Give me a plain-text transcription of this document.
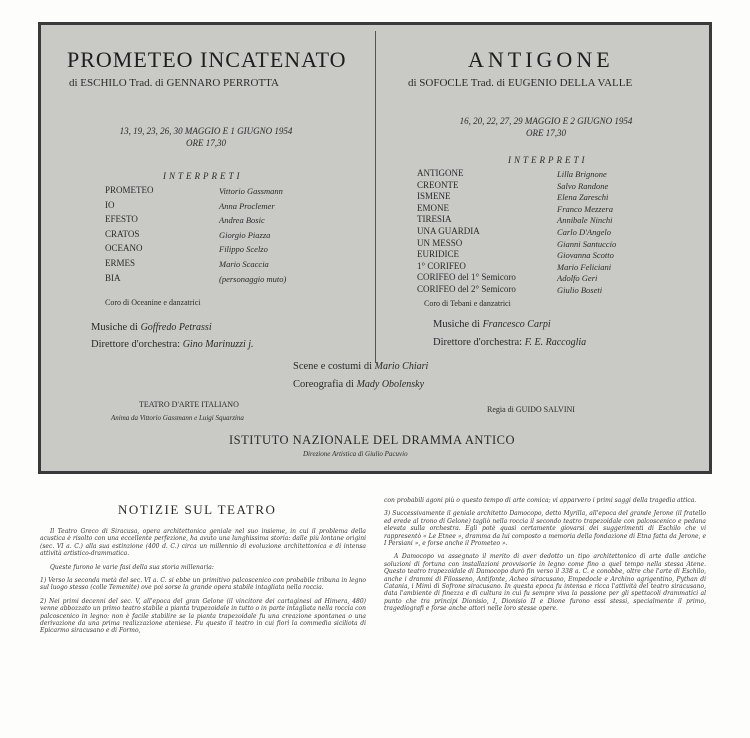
PROMETEO INCATENATO
di ESCHILO Trad. di GENNARO PERROTTA
13, 19, 23, 26, 30 MAGGIO E 1 GIUGNO 1954
ORE 17,30
INTERPRETI
PROMETEO	Vittorio Gassmann
IO	Anna Proclemer
EFESTO	Andrea Bosic
CRATOS	Giorgio Piazza
OCEANO	Filippo Scelzo
ERMES	Mario Scaccia
BIA	(personaggio muto)
Coro di Oceanine e danzatrici
Musiche di Goffredo Petrassi
Direttore d'orchestra: Gino Marinuzzi j.
TEATRO D'ARTE ITALIANO
Anima da Vittorio Gassmann e Luigi Squarzina
ANTIGONE
di SOFOCLE Trad. di EUGENIO DELLA VALLE
16, 20, 22, 27, 29 MAGGIO E 2 GIUGNO 1954
ORE 17,30
INTERPRETI
ANTIGONE	Lilla Brignone
CREONTE	Salvo Randone
ISMENE	Elena Zareschi
EMONE	Franco Mezzera
TIRESIA	Annibale Ninchi
UNA GUARDIA	Carlo D'Angelo
UN MESSO	Gianni Santuccio
EURIDICE	Giovanna Scotto
1° CORIFEO	Mario Feliciani
CORIFEO del 1° Semicoro	Adolfo Geri
CORIFEO del 2° Semicoro	Giulio Boseti
Coro di Tebani e danzatrici
Musiche di Francesco Carpi
Direttore d'orchestra: F. E. Raccoglia
Regia di GUIDO SALVINI
Scene e costumi di Mario Chiari
Coreografia di Mady Obolensky
ISTITUTO NAZIONALE DEL DRAMMA ANTICO
Direzione Artistica di Giulio Pacuvio
NOTIZIE SUL TEATRO

Il Teatro Greco di Siracusa, opera architettonica geniale nel suo insieme, in cui il problema della acustica è risolto con una eccellente perfezione, ha avuto una lunghissima storia: dalle più lontane origini (sec. VI a. C.) alla sua estinzione (400 d. C.) circa un millennio di evoluzione architettonica e di intensa attività artistico-drammatica.

Queste furono le varie fasi della sua storia millenaria:

1) Verso la seconda metà del sec. VI a. C. si ebbe un primitivo palcoscenico con probabile tribuna in legno sul luogo stesso (colle Temenite) ove poi sorse la grande opera stabile intagliata nella roccia.

2) Nei primi decenni del sec. V, all'epoca del gran Gelone (il vincitore dei cartaginesi ad Himera, 480) venne abbozzato un primo teatro stabile a pianta trapezoidale in tutto o in parte intagliata nella roccia con palcoscenico in legno: non è facile stabilire se la pianta trapezoidale fu una creazione spontanea o una derivazione da una prima realizzazione ateniese. Fu questo il teatro in cui fiorì la commedia siciliota di Epicarmo siracusano e di Formo,

con probabili agoni più o questo tempo di arte comica; vi apparvero i primi saggi della tragedia attica.

3) Successivamente il geniale architetto Damocopo, detto Myrilla, all'epoca del grande Jerone (il fratello ed erede al trono di Gelone) tagliò nella roccia il secondo teatro trapezoidale con palcoscenico e pedana elevata sulla orchestra. Egli potè quasi certamente giovarsi dei suggerimenti di Eschilo che vi rappresentò « Le Etnee », dramma da lui composto a memoria della fondazione di Etna fatta da Jerone, e I Persiani », e forse anche il Prometeo ».

A Damocopo va assegnato il merito di aver dedotto un tipo architettonico di arte dalle antiche soluzioni di fortuna con installazioni provvisorie in legno come fino a quel tempo nella stessa Atene. Questo teatro trapezoidale di Damocopo durò fin verso il 338 a. C. e conobbe, oltre che l'arte di Eschilo, anche i drammi di Filosseno, Antifonte, Acheo siracusano, Empedocle e Archino agrigentino, Pythan di Catania, i Mimi di Sofrone siracusano. In questa epoca fu intensa e ricca l'attività del teatro siracusano, data l'ambiente di finezza e di cultura in cui fu sempre viva la passione per gli spettacoli drammatici al punto che tra principi Dionisio, I, Dionisio II e Dione furono essi stessi, specialmente il primo, tragediografi e forse anche attori nelle loro stesse opere.
